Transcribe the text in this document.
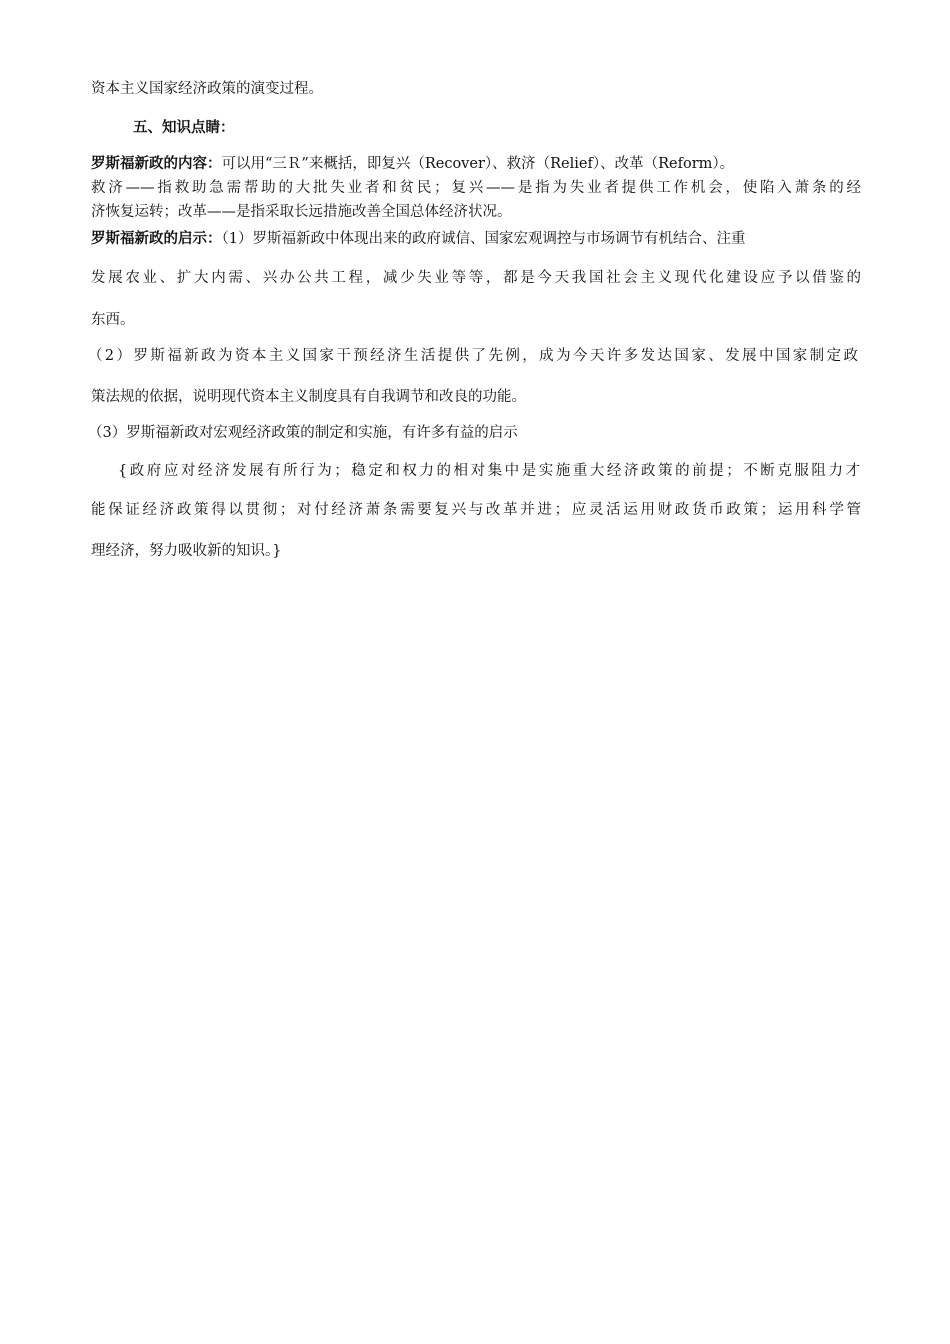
资本主义国家经济政策的演变过程。
五、知识点睛：
罗斯福新政的内容：可以用“三Ｒ”来概括，即复兴（Recover）、救济（Relief）、改革（Reform）。
救济——指救助急需帮助的大批失业者和贫民；复兴——是指为失业者提供工作机会，使陷入萧条的经
济恢复运转；改革——是指采取长远措施改善全国总体经济状况。
罗斯福新政的启示：（1）罗斯福新政中体现出来的政府诚信、国家宏观调控与市场调节有机结合、注重
发展农业、扩大内需、兴办公共工程，减少失业等等，都是今天我国社会主义现代化建设应予以借鉴的
东西。
（2）罗斯福新政为资本主义国家干预经济生活提供了先例，成为今天许多发达国家、发展中国家制定政
策法规的依据，说明现代资本主义制度具有自我调节和改良的功能。
（3）罗斯福新政对宏观经济政策的制定和实施，有许多有益的启示
{政府应对经济发展有所行为；稳定和权力的相对集中是实施重大经济政策的前提；不断克服阻力才
能保证经济政策得以贯彻；对付经济萧条需要复兴与改革并进；应灵活运用财政货币政策；运用科学管
理经济，努力吸收新的知识。}
